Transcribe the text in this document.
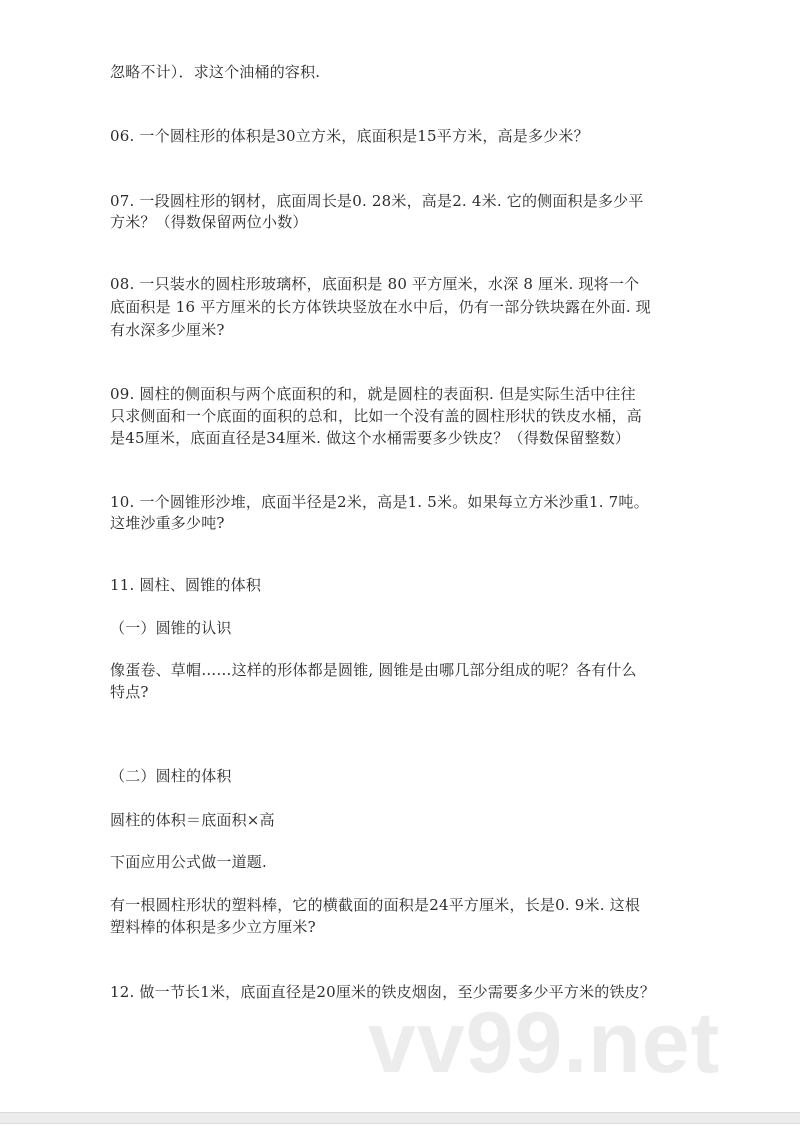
vv99.net
忽略不计）．求这个油桶的容积.
06. 一个圆柱形的体积是30立方米，底面积是15平方米，高是多少米？
07. 一段圆柱形的钢材，底面周长是0. 28米，高是2. 4米. 它的侧面积是多少平
方米？（得数保留两位小数）
08. 一只装水的圆柱形玻璃杯，底面积是 80 平方厘米，水深 8 厘米. 现将一个
底面积是 16 平方厘米的长方体铁块竖放在水中后，仍有一部分铁块露在外面. 现
有水深多少厘米?
09. 圆柱的侧面积与两个底面积的和，就是圆柱的表面积. 但是实际生活中往往
只求侧面和一个底面的面积的总和，比如一个没有盖的圆柱形状的铁皮水桶，高
是45厘米，底面直径是34厘米. 做这个水桶需要多少铁皮？（得数保留整数）
10. 一个圆锥形沙堆，底面半径是2米，高是1. 5米。如果每立方米沙重1. 7吨。
这堆沙重多少吨?
11. 圆柱、圆锥的体积
（一）圆锥的认识
像蛋卷、草帽……这样的形体都是圆锥, 圆锥是由哪几部分组成的呢？各有什么
特点?
（二）圆柱的体积
圆柱的体积＝底面积×高
下面应用公式做一道题.
有一根圆柱形状的塑料棒，它的横截面的面积是24平方厘米，长是0. 9米. 这根
塑料棒的体积是多少立方厘米?
12. 做一节长1米，底面直径是20厘米的铁皮烟囱，至少需要多少平方米的铁皮？
